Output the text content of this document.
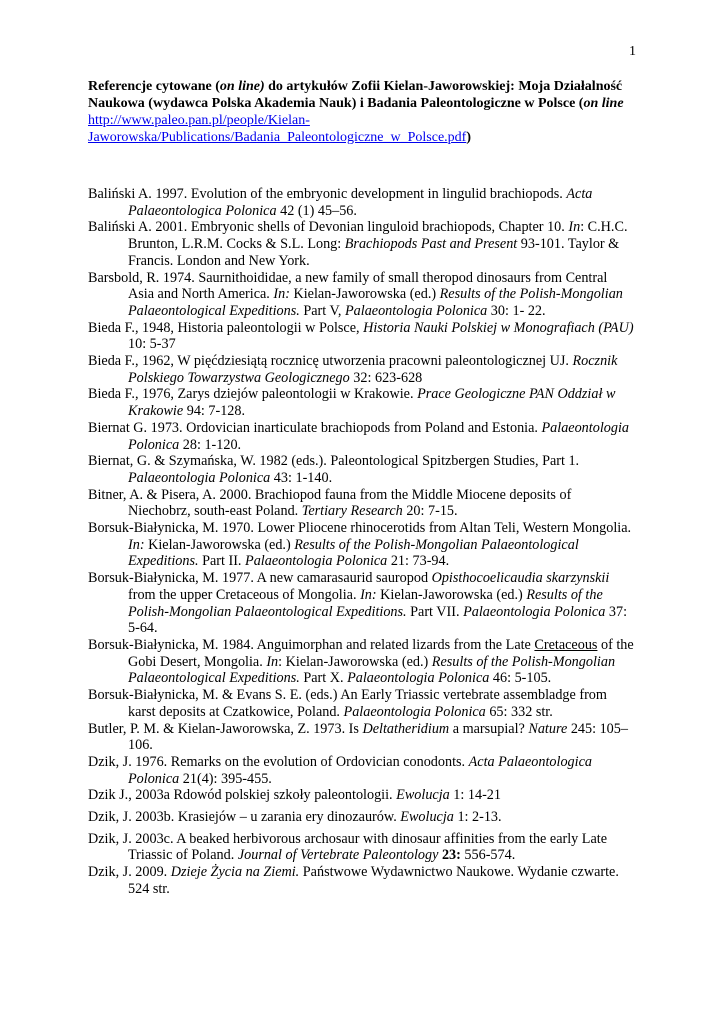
1
Referencje cytowane (on line) do artykułów Zofii Kielan-Jaworowskiej: Moja Działalność Naukowa (wydawca Polska Akademia Nauk) i Badania Paleontologiczne w Polsce (on line http://www.paleo.pan.pl/people/Kielan-Jaworowska/Publications/Badania_Paleontologiczne_w_Polsce.pdf)

Baliński A. 1997. Evolution of the embryonic development in lingulid brachiopods. Acta Palaeontologica Polonica 42 (1) 45–56.

Baliński A. 2001. Embryonic shells of Devonian linguloid brachiopods, Chapter 10. In: C.H.C. Brunton, L.R.M. Cocks & S.L. Long: Brachiopods Past and Present 93-101. Taylor & Francis. London and New York.

Barsbold, R. 1974. Saurnithoididae, a new family of small theropod dinosaurs from Central Asia and North America. In: Kielan-Jaworowska (ed.) Results of the Polish-Mongolian Palaeontological Expeditions. Part V, Palaeontologia Polonica 30: 1- 22.

Bieda F., 1948, Historia paleontologii w Polsce, Historia Nauki Polskiej w Monografiach (PAU) 10: 5-37

Bieda F., 1962, W pięćdziesiątą rocznicę utworzenia pracowni paleontologicznej UJ. Rocznik Polskiego Towarzystwa Geologicznego 32: 623-628

Bieda F., 1976, Zarys dziejów paleontologii w Krakowie. Prace Geologiczne PAN Oddział w Krakowie 94: 7-128.

Biernat G. 1973. Ordovician inarticulate brachiopods from Poland and Estonia. Palaeontologia Polonica 28: 1-120.

Biernat, G. & Szymańska, W. 1982 (eds.). Paleontological Spitzbergen Studies, Part 1. Palaeontologia Polonica 43: 1-140.

Bitner, A. & Pisera, A. 2000. Brachiopod fauna from the Middle Miocene deposits of Niechobrz, south-east Poland. Tertiary Research 20: 7-15.

Borsuk-Białynicka, M. 1970. Lower Pliocene rhinocerotids from Altan Teli, Western Mongolia. In: Kielan-Jaworowska (ed.) Results of the Polish-Mongolian Palaeontological Expeditions. Part II. Palaeontologia Polonica 21: 73-94.

Borsuk-Białynicka, M. 1977. A new camarasaurid sauropod Opisthocoelicaudia skarzynskii from the upper Cretaceous of Mongolia. In: Kielan-Jaworowska (ed.) Results of the Polish-Mongolian Palaeontological Expeditions. Part VII. Palaeontologia Polonica 37: 5-64.

Borsuk-Białynicka, M. 1984. Anguimorphan and related lizards from the Late Cretaceous of the Gobi Desert, Mongolia. In: Kielan-Jaworowska (ed.) Results of the Polish-Mongolian Palaeontological Expeditions. Part X. Palaeontologia Polonica 46: 5-105.

Borsuk-Białynicka, M. & Evans S. E. (eds.) An Early Triassic vertebrate assembladge from karst deposits at Czatkowice, Poland. Palaeontologia Polonica 65: 332 str.

Butler, P. M. & Kielan-Jaworowska, Z. 1973. Is Deltatheridium a marsupial? Nature 245: 105–106.

Dzik, J. 1976. Remarks on the evolution of Ordovician conodonts. Acta Palaeontologica Polonica 21(4): 395-455.

Dzik J., 2003a Rdowód polskiej szkoły paleontologii. Ewolucja 1: 14-21

Dzik, J. 2003b. Krasiejów – u zarania ery dinozaurów. Ewolucja 1: 2-13.

Dzik, J. 2003c. A beaked herbivorous archosaur with dinosaur affinities from the early Late Triassic of Poland. Journal of Vertebrate Paleontology 23: 556-574.

Dzik, J. 2009. Dzieje Życia na Ziemi. Państwowe Wydawnictwo Naukowe. Wydanie czwarte. 524 str.
